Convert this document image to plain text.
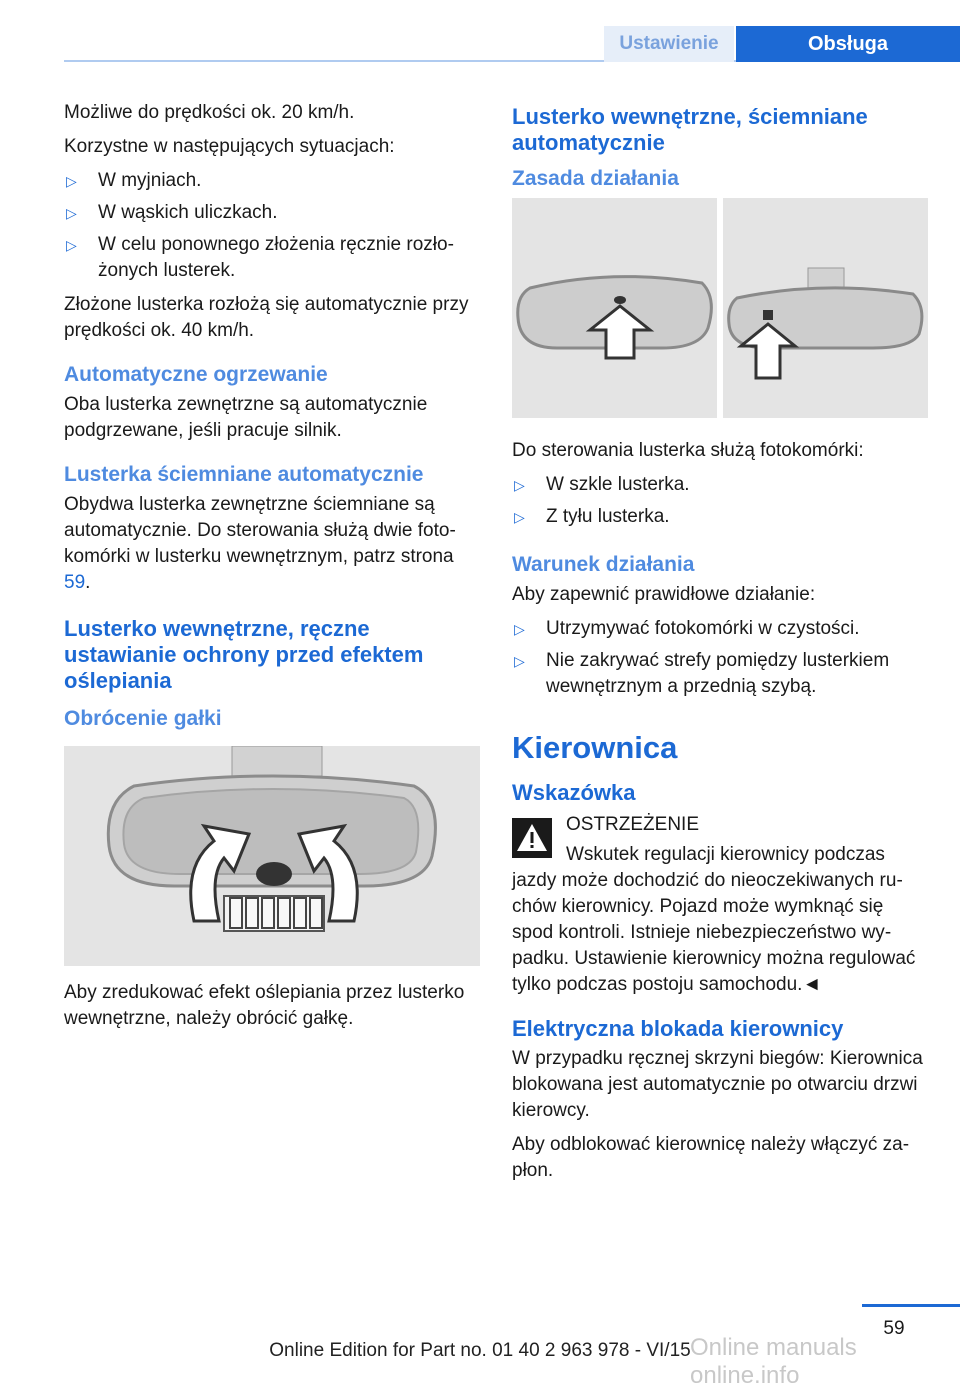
Ustawienie	Obsługa

Możliwe do prędkości ok. 20 km/h.

Korzystne w następujących sytuacjach:

▷ W myjniach.
▷ W wąskich uliczkach.
▷ W celu ponownego złożenia ręcznie rozłożonych lusterek.

Złożone lusterka rozłożą się automatycznie przy prędkości ok. 40 km/h.

Automatyczne ogrzewanie

Oba lusterka zewnętrzne są automatycznie podgrzewane, jeśli pracuje silnik.

Lusterka ściemniane automatycznie

Obydwa lusterka zewnętrzne ściemniane są automatycznie. Do sterowania służą dwie fotokomórki w lusterku wewnętrznym, patrz strona 59.

Lusterko wewnętrzne, ręczne ustawianie ochrony przed efektem oślepiania
Obrócenie gałki

Aby zredukować efekt oślepiania przez lusterko wewnętrzne, należy obrócić gałkę.

Lusterko wewnętrzne, ściemniane automatycznie
Zasada działania

Do sterowania lusterka służą fotokomórki:

▷ W szkle lusterka.
▷ Z tyłu lusterka.
Warunek działania

Aby zapewnić prawidłowe działanie:

▷ Utrzymywać fotokomórki w czystości.
▷ Nie zakrywać strefy pomiędzy lusterkiem wewnętrznym a przednią szybą.
Kierownica
Wskazówka

OSTRZEŻENIE

Wskutek regulacji kierownicy podczas

jazdy może dochodzić do nieoczekiwanych ruchów kierownicy. Pojazd może wymknąć się spod kontroli. Istnieje niebezpieczeństwo wypadku. Ustawienie kierownicy można regulować tylko podczas postoju samochodu.◄

Elektryczna blokada kierownicy

W przypadku ręcznej skrzyni biegów: Kierownica blokowana jest automatycznie po otwarciu drzwi kierowcy.

Aby odblokować kierownicę należy włączyć zapłon.

59
Online Edition for Part no. 01 40 2 963 978 - VI/15 Online manuals online.info
